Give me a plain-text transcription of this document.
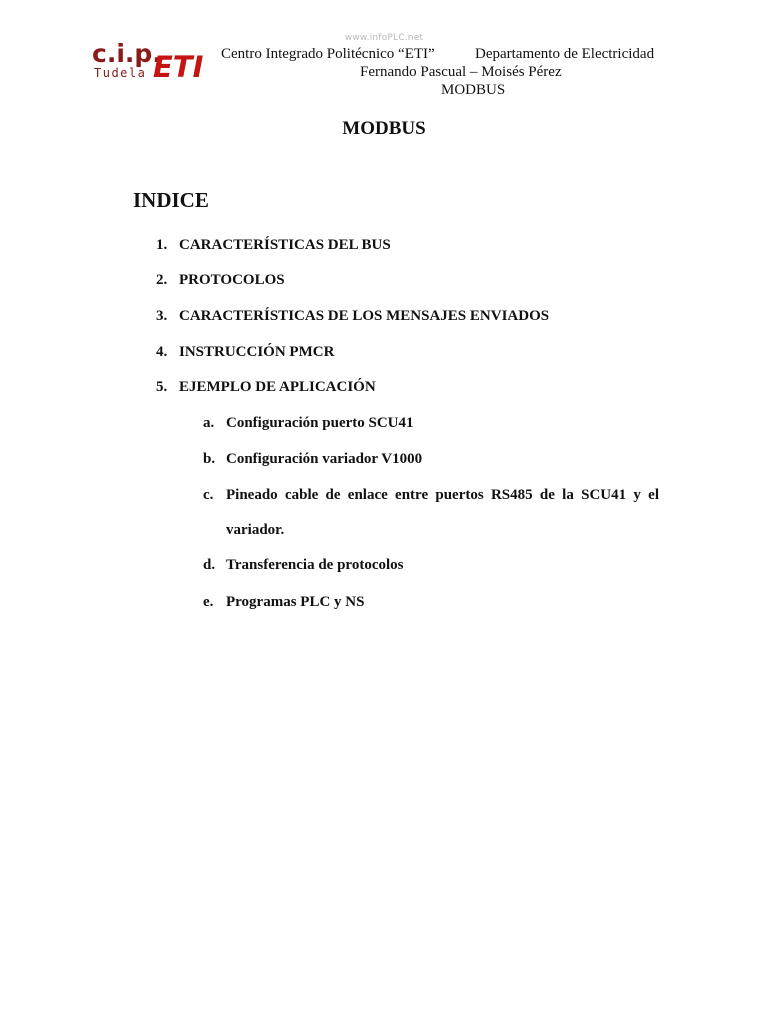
www.infoPLC.net
c.i.p.
Tudela ETI Centro Integrado Politécnico “ETI”	Departamento de Electricidad
Fernando Pascual – Moisés Pérez
MODBUS
MODBUS
INDICE
1. CARACTERÍSTICAS DEL BUS
2. PROTOCOLOS
3. CARACTERÍSTICAS DE LOS MENSAJES ENVIADOS
4. INSTRUCCIÓN PMCR
5. EJEMPLO DE APLICACIÓN
a. Configuración puerto SCU41
b. Configuración variador V1000
c. Pineado cable de enlace entre puertos RS485 de la SCU41 y el
variador.
d. Transferencia de protocolos
e. Programas PLC y NS
